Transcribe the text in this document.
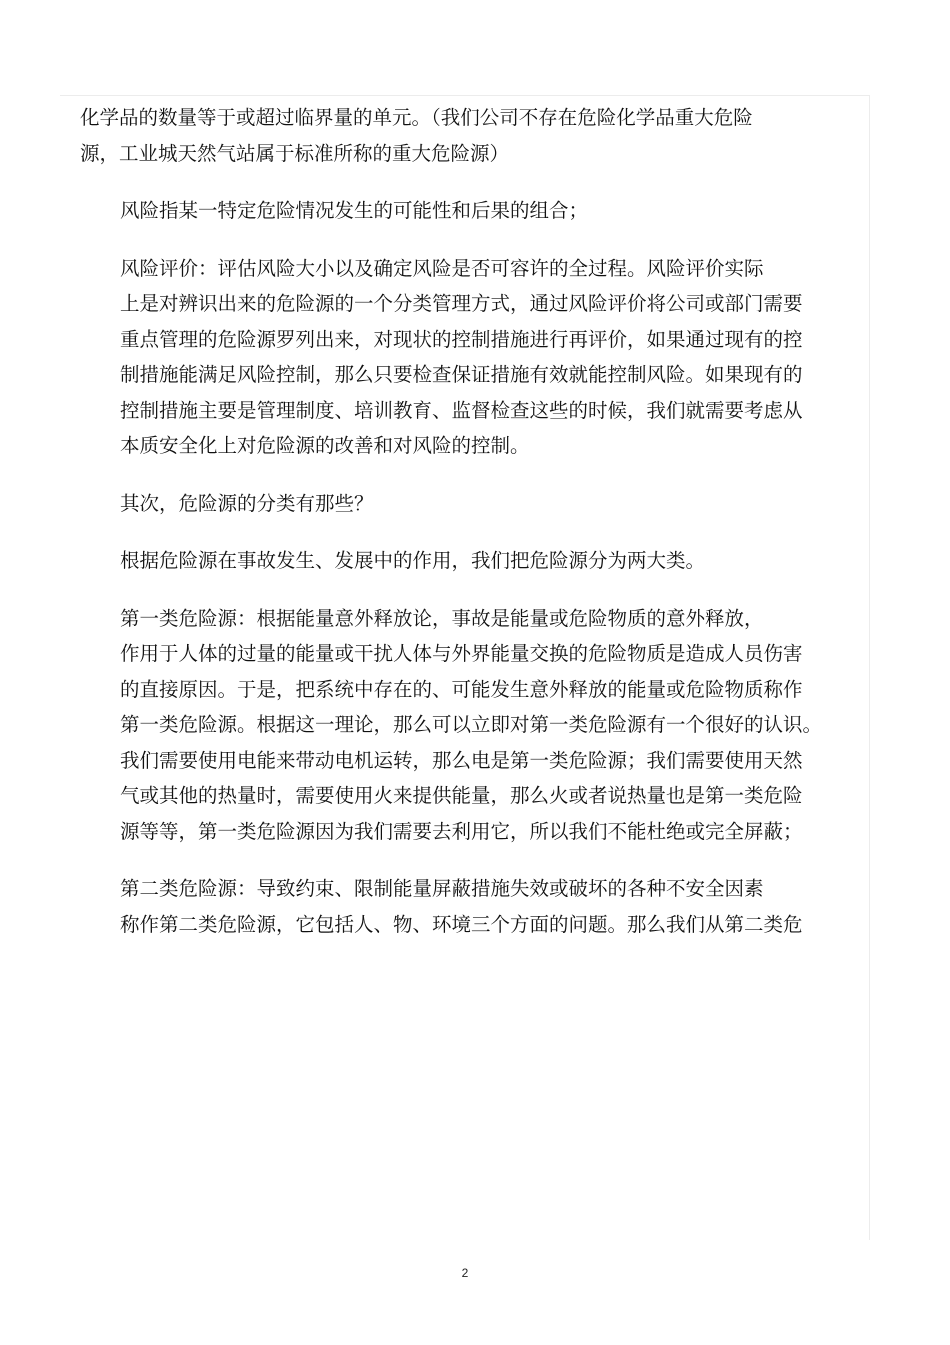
化学品的数量等于或超过临界量的单元。（我们公司不存在危险化学品重大危险
源，工业城天然气站属于标准所称的重大危险源）

风险指某一特定危险情况发生的可能性和后果的组合；

风险评价：评估风险大小以及确定风险是否可容许的全过程。风险评价实际
上是对辨识出来的危险源的一个分类管理方式，通过风险评价将公司或部门需要
重点管理的危险源罗列出来，对现状的控制措施进行再评价，如果通过现有的控
制措施能满足风险控制，那么只要检查保证措施有效就能控制风险。如果现有的
控制措施主要是管理制度、培训教育、监督检查这些的时候，我们就需要考虑从
本质安全化上对危险源的改善和对风险的控制。

其次，危险源的分类有那些？

根据危险源在事故发生、发展中的作用，我们把危险源分为两大类。

第一类危险源：根据能量意外释放论，事故是能量或危险物质的意外释放，
作用于人体的过量的能量或干扰人体与外界能量交换的危险物质是造成人员伤害
的直接原因。于是，把系统中存在的、可能发生意外释放的能量或危险物质称作
第一类危险源。根据这一理论，那么可以立即对第一类危险源有一个很好的认识。
我们需要使用电能来带动电机运转，那么电是第一类危险源；我们需要使用天然
气或其他的热量时，需要使用火来提供能量，那么火或者说热量也是第一类危险
源等等，第一类危险源因为我们需要去利用它，所以我们不能杜绝或完全屏蔽；

第二类危险源：导致约束、限制能量屏蔽措施失效或破坏的各种不安全因素
称作第二类危险源，它包括人、物、环境三个方面的问题。那么我们从第二类危

2
